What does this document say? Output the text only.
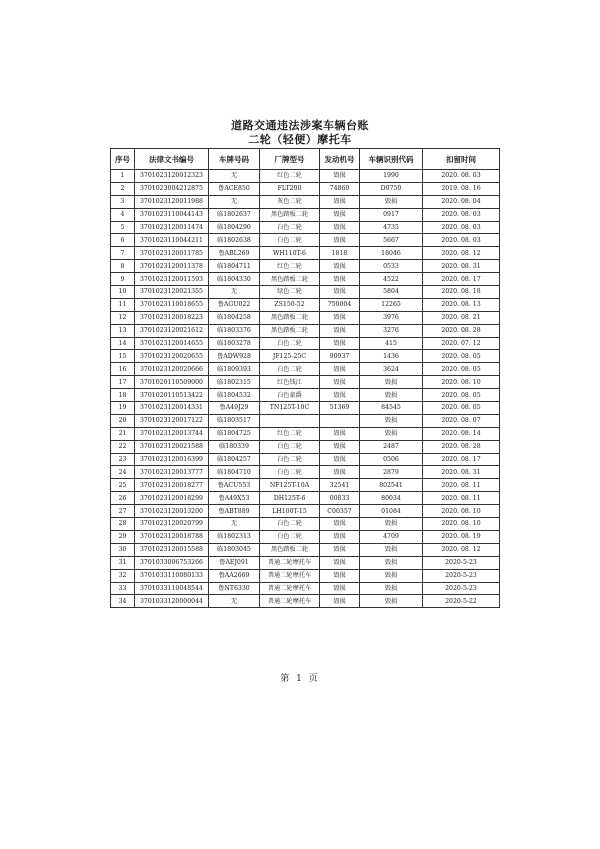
道路交通违法涉案车辆台账
二轮（轻便）摩托车
序号	法律文书编号	车牌号码	厂牌型号	发动机号	车辆识别代码	扣留时间
1	3701023120012323	无	红色二轮	毁损	1990	2020. 08. 03
2	3701023004212875	鲁ACE850	FLT200	74860	D0750	2019. 08. 16
3	3701023120011988	无	灰色二轮	毁损	毁损	2020. 08. 04
4	3701023110044143	临1802637	黑色踏板二轮	毁损	0917	2020. 08. 03
5	3701023120011474	临1804290	白色二轮	毁损	4735	2020. 08. 03
6	3701023110044211	临1802638	白色二轮	毁损	5667	2020. 08. 03
7	3701023120011785	鲁ABL269	WH110T-6	1818	18046	2020. 08. 12
8	3701023120011378	临1804711	红色二轮	毁损	0533	2020. 08. 31
9	3701023120011593	临1804330	黑色踏板二轮	毁损	4522	2020. 08. 17
10	3701023120021355	无	绿色二轮	毁损	5804	2020. 08. 18
11	3701023110018655	鲁AGU022	ZS150-52	750004	12265	2020. 08. 13
12	3701023120018223	临1804258	黑色踏板二轮	毁损	3976	2020. 08. 21
13	3701023120021612	临1803376	黑色踏板二轮	毁损	3276	2020. 08. 28
14	3701023120014655	临1803278	白色二轮	毁损	415	2020. 07. 12
15	3701023120020655	鲁ADW928	JF125-25C	90937	1436	2020. 08. 05
16	3701023120020666	临1809393	白色二轮	毁损	3624	2020. 08. 05
17	3701020110509000	临1802315	红色钱江	毁损	毁损	2020. 08. 10
18	3701020110513422	临1804532	白色豪爵	毁损	毁损	2020. 08. 05
19	3701023120014331	鲁A49J29	TN125T-10C	51369	84545	2020. 08. 05
20	3701023120017122	临1803517			毁损	2020. 08. 07
21	3701023120013744	临1804725	红色二轮	毁损	毁损	2020. 08. 14
22	3701023120021588	临180339	白色二轮	毁损	2487	2020. 08. 28
23	3701023120016399	临1804257	白色二轮	毁损	0506	2020. 08. 17
24	3701023120013777	临1804710	白色二轮	毁损	2879	2020. 08. 31
25	3701023120018277	鲁ACU553	NF125T-10A	32541	802541	2020. 08. 11
26	3701023120018299	鲁A49X53	DH125T-6	00833	80034	2020. 08. 11
27	3701023120013200	鲁ABT889	LH100T-15	C00357	01084	2020. 08. 10
28	3701023120020799	无	白色二轮	毁损	毁损	2020. 08. 10
29	3701023120018788	临1802313	白色二轮	毁损	4709	2020. 08. 19
30	3701023120015588	临1803045	黑色踏板二轮	毁损	毁损	2020. 08. 12
31	3701033006753266	鲁AEJ091	普通二轮摩托车	毁损	毁损	2020-5-23
32	3701033110080133	鲁AA2669	普通二轮摩托车	毁损	毁损	2020-5-23
33	3701033110048544	鲁NT6330	普通二轮摩托车	毁损	毁损	2020-5-23
34	3701033120000044	无	普通二轮摩托车	毁损	毁损	2020-5-22
第 1 页
